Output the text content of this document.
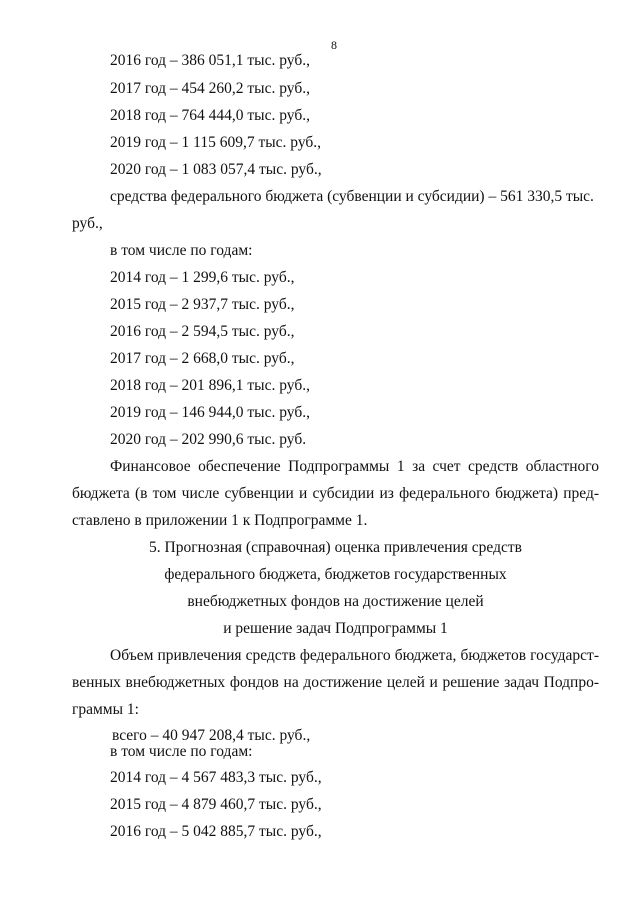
8
2016 год – 386 051,1 тыс. руб.,
2017 год – 454 260,2 тыс. руб.,
2018 год – 764 444,0 тыс. руб.,
2019 год – 1 115 609,7 тыс. руб.,
2020 год – 1 083 057,4 тыс. руб.,
средства федерального бюджета (субвенции и субсидии) – 561 330,5 тыс.
руб.,
в том числе по годам:
2014 год – 1 299,6 тыс. руб.,
2015 год – 2 937,7 тыс. руб.,
2016 год – 2 594,5 тыс. руб.,
2017 год – 2 668,0 тыс. руб.,
2018 год – 201 896,1 тыс. руб.,
2019 год – 146 944,0 тыс. руб.,
2020 год – 202 990,6 тыс. руб.
Финансовое обеспечение Подпрограммы 1 за счет средств областного
бюджета (в том числе субвенции и субсидии из федерального бюджета) пред-
ставлено в приложении 1 к Подпрограмме 1.
5. Прогнозная (справочная) оценка привлечения средств
федерального бюджета, бюджетов государственных
внебюджетных фондов на достижение целей
и решение задач Подпрограммы 1
Объем привлечения средств федерального бюджета, бюджетов государст-
венных внебюджетных фондов на достижение целей и решение задач Подпро-
граммы 1:
всего – 40 947 208,4 тыс. руб.,
в том числе по годам:
2014 год – 4 567 483,3 тыс. руб.,
2015 год – 4 879 460,7 тыс. руб.,
2016 год – 5 042 885,7 тыс. руб.,
